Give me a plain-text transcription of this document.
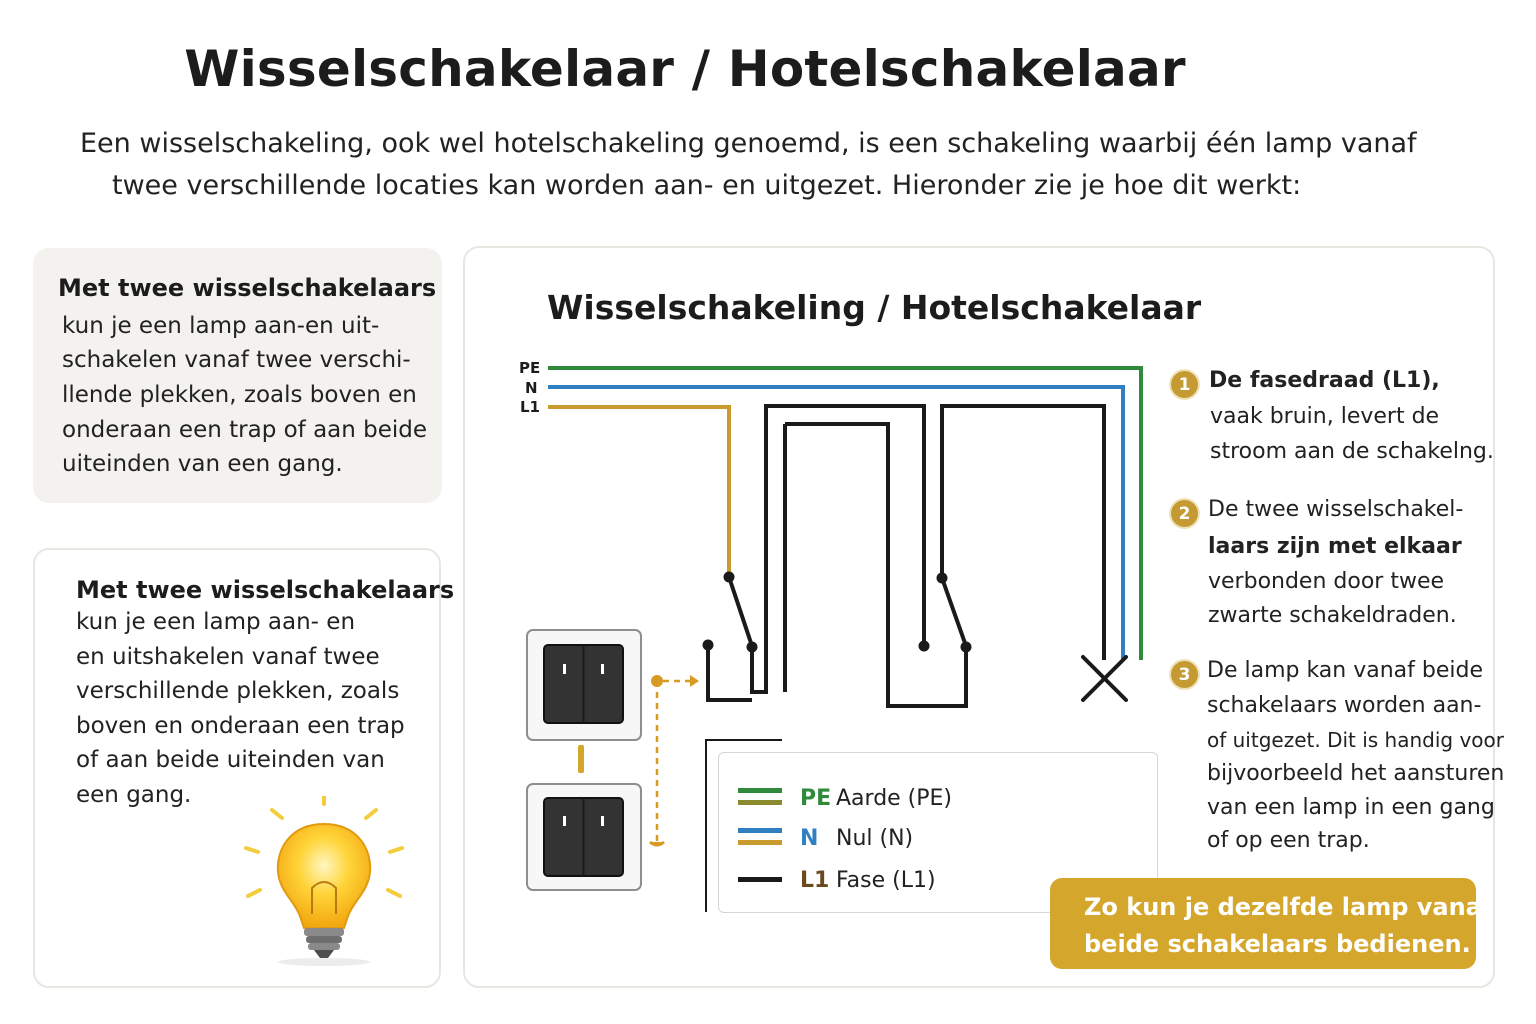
Wisselschakelaar / Hotelschakelaar
Een wisselschakeling, ook wel hotelschakeling genoemd, is een schakeling waarbij één lamp vanaf
twee verschillende locaties kan worden aan- en uitgezet. Hieronder zie je hoe dit werkt:
Met twee wisselschakelaars
kun je een lamp aan-en uit-
schakelen vanaf twee verschi-
llende plekken, zoals boven en
onderaan een trap of aan beide
uiteinden van een gang.
Met twee wisselschakelaars
kun je een lamp aan- en
en uitshakelen vanaf twee
verschillende plekken, zoals
boven en onderaan een trap
of aan beide uiteinden van
een gang.
Wisselschakeling / Hotelschakelaar
PE
N
L1
PE Aarde (PE)
N Nul (N)
L1 Fase (L1)
1 De fasedraad (L1),
vaak bruin, levert de
stroom aan de schakelng.
2 De twee wisselschakel-
laars zijn met elkaar
verbonden door twee
zwarte schakeldraden.
3 De lamp kan vanaf beide
schakelaars worden aan-
of uitgezet. Dit is handig voor
bijvoorbeeld het aansturen
van een lamp in een gang
of op een trap.
Zo kun je dezelfde lamp vanaf
beide schakelaars bedienen.
